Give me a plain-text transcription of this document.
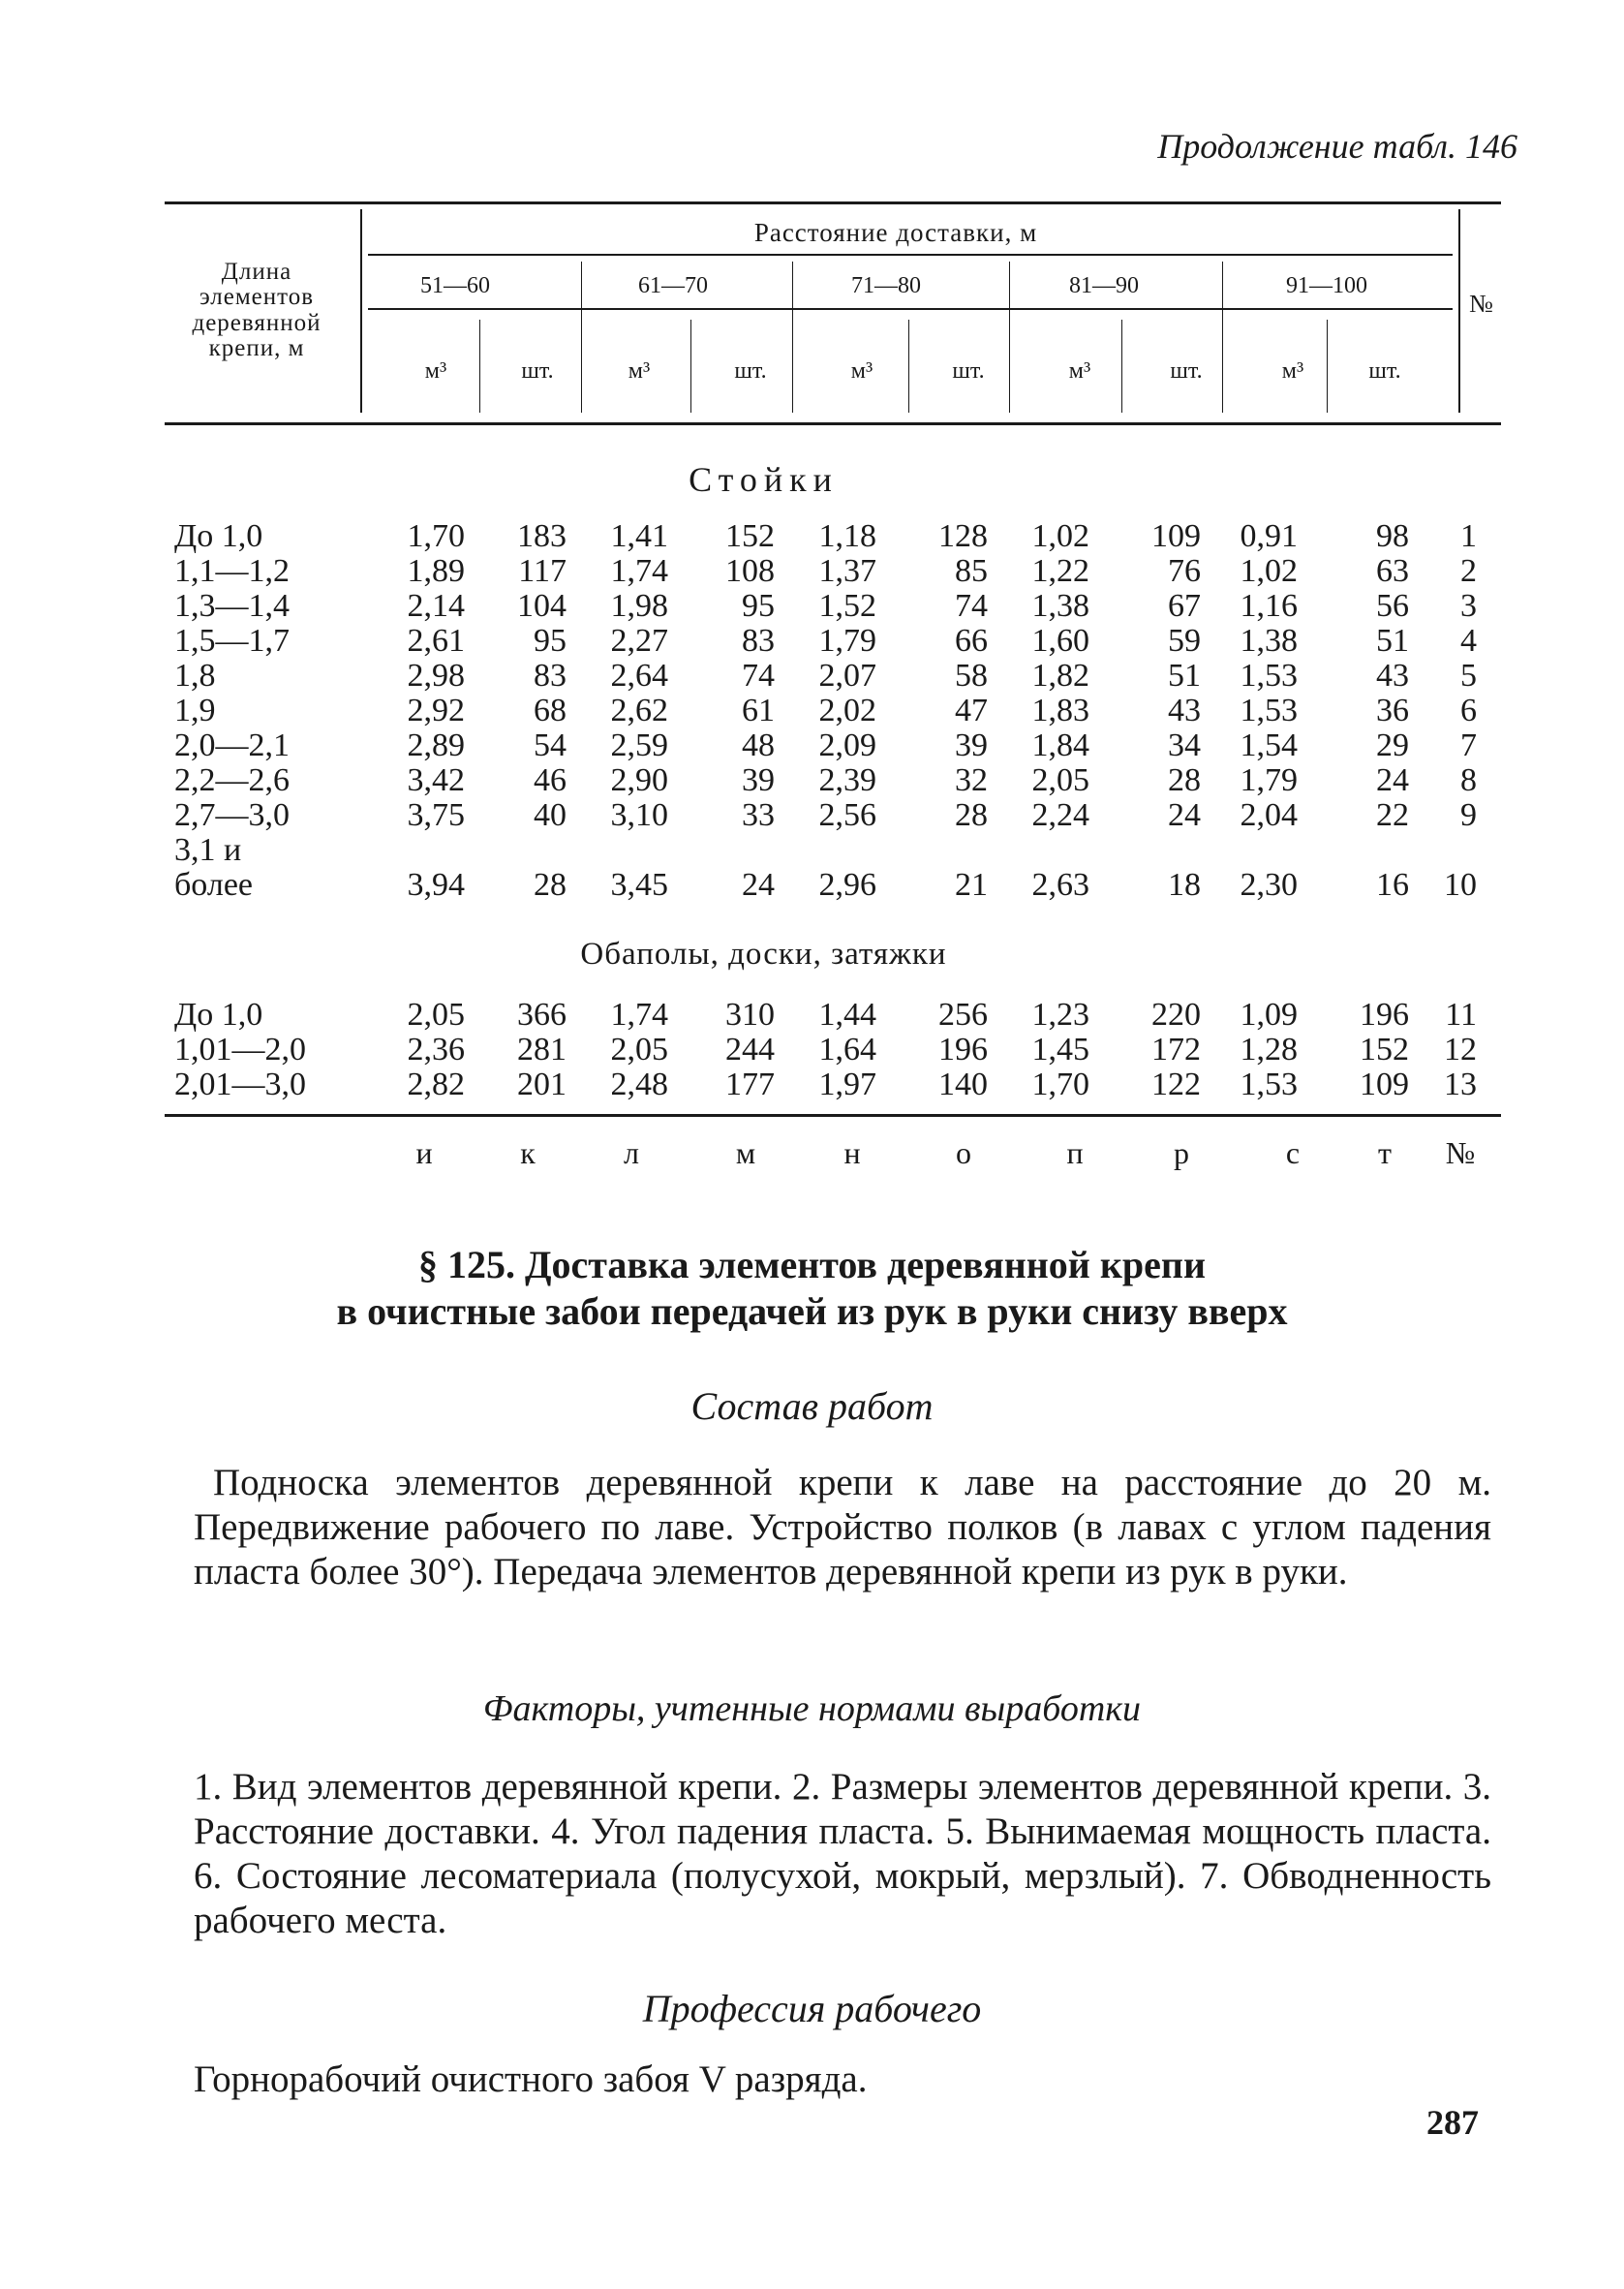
Продолжение табл. 146
Длина элементов деревянной крепи, м
Расстояние доставки, м
№
51—60	61—70	71—80	81—90	91—100
м³	шт.	м³	шт.	м³	шт.	м³	шт.	м³	шт.
Стойки
До 1,0	1,70	183	1,41	152	1,18	128	1,02	109	0,91	98	1
1,1—1,2	1,89	117	1,74	108	1,37	85	1,22	76	1,02	63	2
1,3—1,4	2,14	104	1,98	95	1,52	74	1,38	67	1,16	56	3
1,5—1,7	2,61	95	2,27	83	1,79	66	1,60	59	1,38	51	4
1,8	2,98	83	2,64	74	2,07	58	1,82	51	1,53	43	5
1,9	2,92	68	2,62	61	2,02	47	1,83	43	1,53	36	6
2,0—2,1	2,89	54	2,59	48	2,09	39	1,84	34	1,54	29	7
2,2—2,6	3,42	46	2,90	39	2,39	32	2,05	28	1,79	24	8
2,7—3,0	3,75	40	3,10	33	2,56	28	2,24	24	2,04	22	9
3,1 и											
более	3,94	28	3,45	24	2,96	21	2,63	18	2,30	16	10
Обаполы, доски, затяжки
До 1,0	2,05	366	1,74	310	1,44	256	1,23	220	1,09	196	11
1,01—2,0	2,36	281	2,05	244	1,64	196	1,45	172	1,28	152	12
2,01—3,0	2,82	201	2,48	177	1,97	140	1,70	122	1,53	109	13
и	к	л	м	н	о	п	р	с	т	№
§ 125. Доставка элементов деревянной крепи
в очистные забои передачей из рук в руки снизу вверх
Состав работ
Подноска элементов деревянной крепи к лаве на расстояние до 20 м. Передвижение рабочего по лаве. Устройство полков (в лавах с углом падения пласта более 30°). Передача элементов деревянной крепи из рук в руки.
Факторы, учтенные нормами выработки
1. Вид элементов деревянной крепи. 2. Размеры элементов деревянной крепи. 3. Расстояние доставки. 4. Угол падения пласта. 5. Вынимаемая мощность пласта. 6. Состояние лесоматериала (полусухой, мокрый, мерзлый). 7. Обводненность рабочего места.
Профессия рабочего
Горнорабочий очистного забоя V разряда.
287
